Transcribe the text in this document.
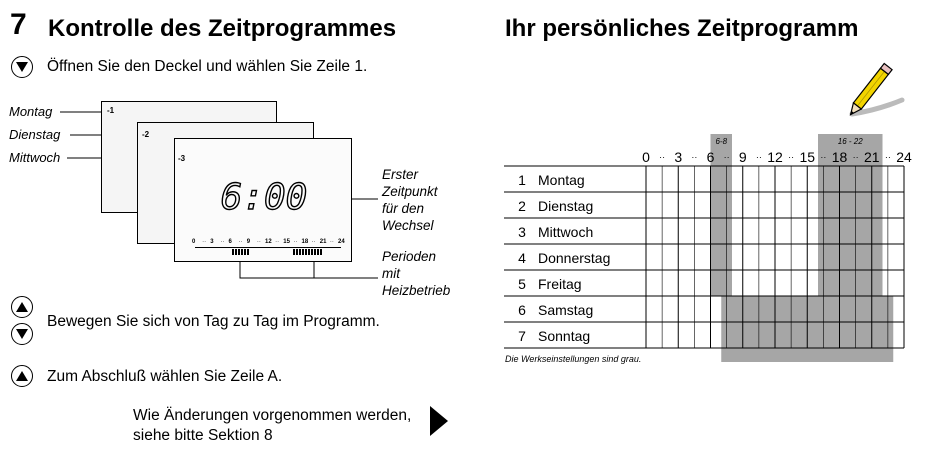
7 Kontrolle des Zeitprogrammes
Öffnen Sie den Deckel und wählen Sie Zeile 1.
Montag
Dienstag
Mittwoch
-1
-2
-3
6:00
0 ·· 3 ·· 6 ·· 9 ·· 12 ·· 15 ·· 18 ·· 21 ·· 24
Erster
Zeitpunkt
für den
Wechsel
Perioden
mit
Heizbetrieb
Bewegen Sie sich von Tag zu Tag im Programm.
Zum Abschluß wählen Sie Zeile A.
Wie Änderungen vorgenommen werden,
siehe bitte Sektion 8
Ihr persönliches Zeitprogramm
6-8	16 - 22
0 ·· 3 ·· 6 ·· 9 ·· 12 ·· 15 ·· 18 ·· 21 ·· 24
1 Montag
2 Dienstag
3 Mittwoch
4 Donnerstag
5 Freitag
6 Samstag
7 Sonntag
Die Werkseinstellungen sind grau.
